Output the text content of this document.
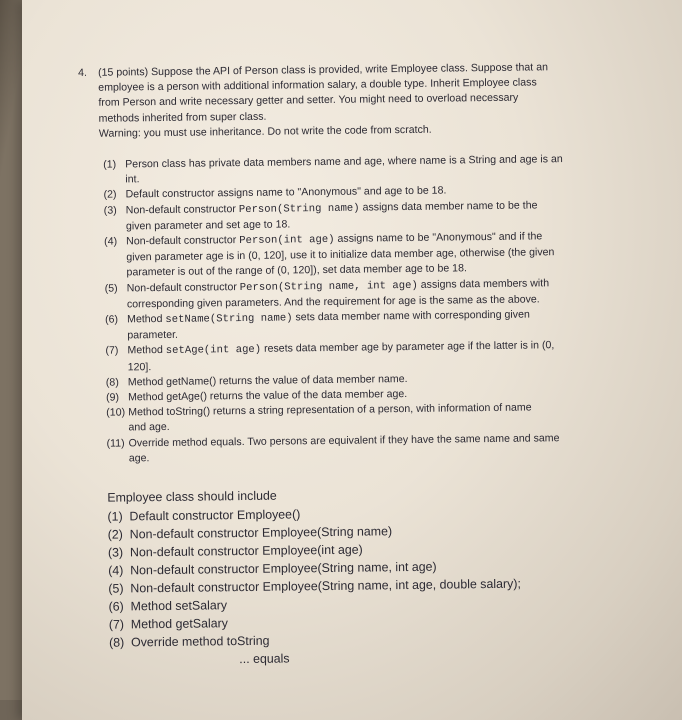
4.	(15 points) Suppose the API of Person class is provided, write Employee class. Suppose that an
employee is a person with additional information salary, a double type. Inherit Employee class
from Person and write necessary getter and setter. You might need to overload necessary
methods inherited from super class.
Warning: you must use inheritance. Do not write the code from scratch.
(1) Person class has private data members name and age, where name is a String and age is an
int.
(2) Default constructor assigns name to "Anonymous" and age to be 18.
(3) Non-default constructor Person(String name) assigns data member name to be the
given parameter and set age to 18.
(4) Non-default constructor Person(int age) assigns name to be "Anonymous" and if the
given parameter age is in (0, 120], use it to initialize data member age, otherwise (the given
parameter is out of the range of (0, 120]), set data member age to be 18.
(5) Non-default constructor Person(String name, int age) assigns data members with
corresponding given parameters. And the requirement for age is the same as the above.
(6) Method setName(String name) sets data member name with corresponding given
parameter.
(7) Method setAge(int age) resets data member age by parameter age if the latter is in (0,
120].
(8) Method getName() returns the value of data member name.
(9) Method getAge() returns the value of the data member age.
(10) Method toString() returns a string representation of a person, with information of name
and age.
(11) Override method equals. Two persons are equivalent if they have the same name and same
age.
Employee class should include
(1) Default constructor Employee()
(2) Non-default constructor Employee(String name)
(3) Non-default constructor Employee(int age)
(4) Non-default constructor Employee(String name, int age)
(5) Non-default constructor Employee(String name, int age, double salary);
(6) Method setSalary
(7) Method getSalary
(8) Override method toString
